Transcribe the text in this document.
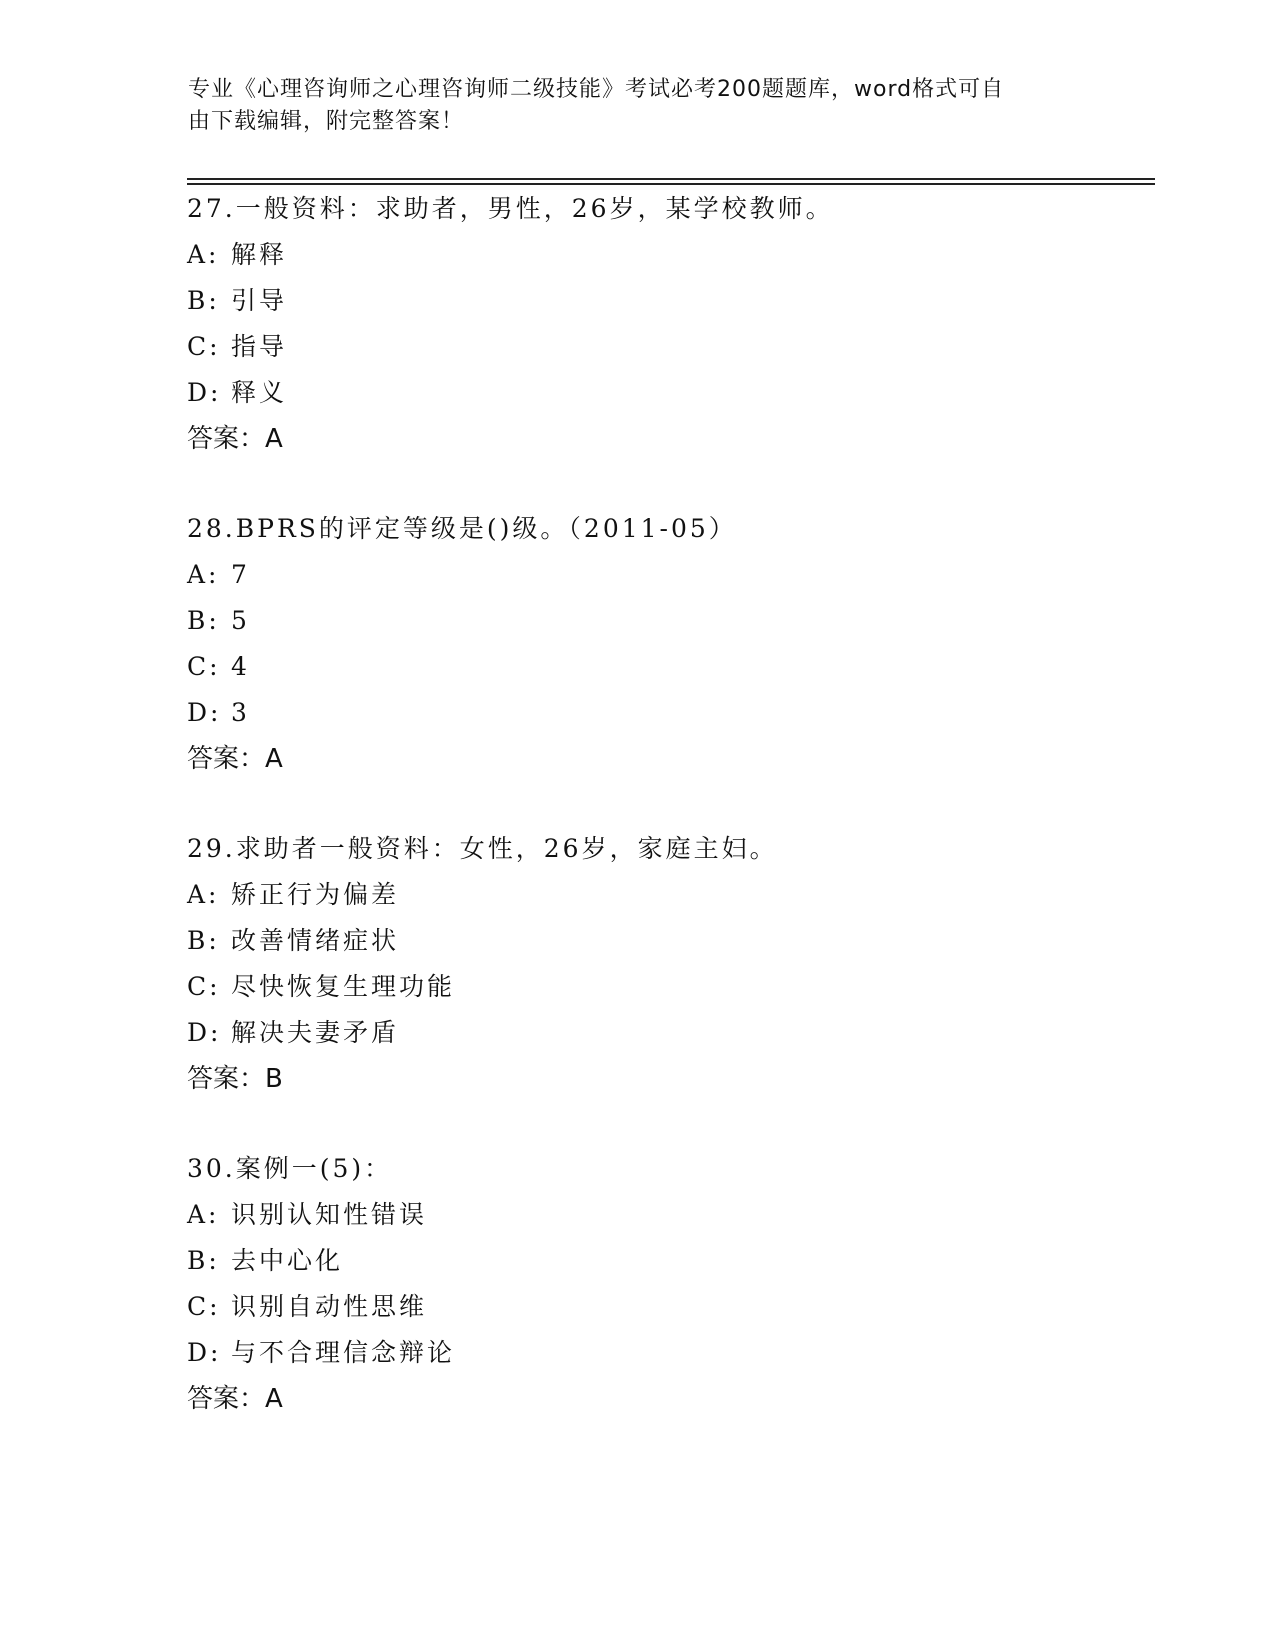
专业《心理咨询师之心理咨询师二级技能》考试必考200题题库，word格式可自
由下载编辑，附完整答案！
27.一般资料：求助者，男性，26岁，某学校教师。
A: 解释
B: 引导
C: 指导
D: 释义
答案：A
28.BPRS的评定等级是()级。（2011-05）
A: 7
B: 5
C: 4
D: 3
答案：A
29.求助者一般资料：女性，26岁，家庭主妇。
A: 矫正行为偏差
B: 改善情绪症状
C: 尽快恢复生理功能
D: 解决夫妻矛盾
答案：B
30.案例一(5)：
A: 识别认知性错误
B: 去中心化
C: 识别自动性思维
D: 与不合理信念辩论
答案：A
